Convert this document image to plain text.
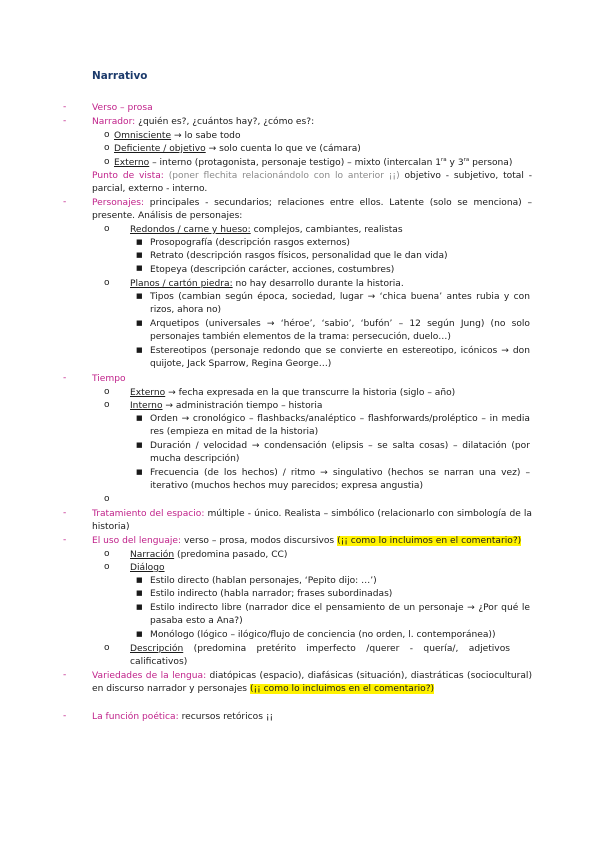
Narrativo
-	Verso – prosa
-	Narrador: ¿quién es?, ¿cuántos hay?, ¿cómo es?:
o Omnisciente → lo sabe todo
o Deficiente / objetivo → solo cuenta lo que ve (cámara)
o Externo – interno (protagonista, personaje testigo) – mixto (intercalan $1^{ra}$ y $3^{ra}$ persona)
Punto de vista: (poner flechita relacionándolo con lo anterior ¡¡) objetivo - subjetivo, total - parcial, externo - interno.
-	Personajes: principales - secundarios; relaciones entre ellos. Latente (solo se menciona) – presente. Análisis de personajes:
o Redondos / carne y hueso: complejos, cambiantes, realistas
■ Prosopografía (descripción rasgos externos)
■ Retrato (descripción rasgos físicos, personalidad que le dan vida)
■ Etopeya (descripción carácter, acciones, costumbres)
o Planos / cartón piedra: no hay desarrollo durante la historia.
■ Tipos (cambian según época, sociedad, lugar → ‘chica buena’ antes rubia y con rizos, ahora no)
■ Arquetipos (universales → ‘héroe’, ‘sabio’, ‘bufón’ – 12 según Jung) (no solo personajes también elementos de la trama: persecución, duelo…)
■ Estereotipos (personaje redondo que se convierte en estereotipo, icónicos → don quijote, Jack Sparrow, Regina George…)
-	Tiempo
o Externo → fecha expresada en la que transcurre la historia (siglo – año)
o Interno → administración tiempo – historia
■ Orden → cronológico – flashbacks/analéptico – flashforwards/proléptico – in media res (empieza en mitad de la historia)
■ Duración / velocidad → condensación (elipsis – se salta cosas) – dilatación (por mucha descripción)
■ Frecuencia (de los hechos) / ritmo → singulativo (hechos se narran una vez) – iterativo (muchos hechos muy parecidos; expresa angustia)
o
-	Tratamiento del espacio: múltiple - único. Realista – simbólico (relacionarlo con simbología de la historia)
-	El uso del lenguaje: verso – prosa, modos discursivos (¡¡ como lo incluimos en el comentario?)
o Narración (predomina pasado, CC)
o Diálogo
■ Estilo directo (hablan personajes, ‘Pepito dijo: …’)
■ Estilo indirecto (habla narrador; frases subordinadas)
■ Estilo indirecto libre (narrador dice el pensamiento de un personaje → ¿Por qué le pasaba esto a Ana?)
■ Monólogo (lógico – ilógico/flujo de conciencia (no orden, l. contemporánea))
o Descripción (predomina pretérito imperfecto /querer - quería/, adjetivos calificativos)
-	Variedades de la lengua: diatópicas (espacio), diafásicas (situación), diastráticas (sociocultural) en discurso narrador y personajes (¡¡ como lo incluimos en el comentario?)
-	La función poética: recursos retóricos ¡¡
